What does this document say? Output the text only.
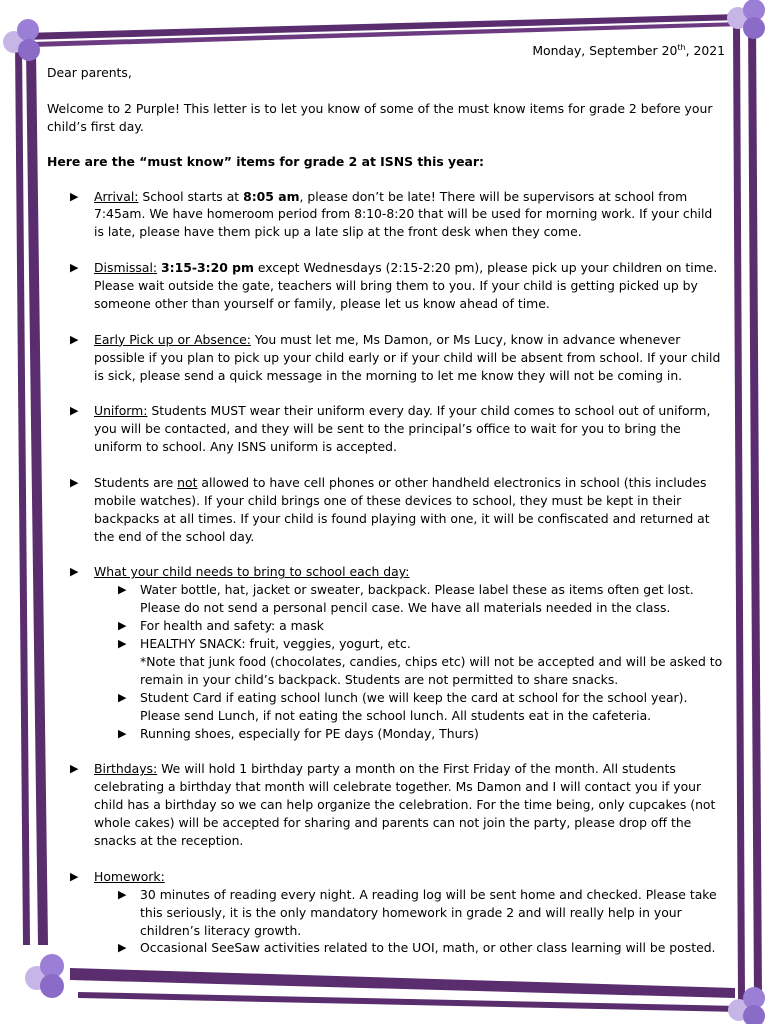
Monday, September 20th, 2021

Dear parents,

Welcome to 2 Purple! This letter is to let you know of some of the must know items for grade 2 before your child’s first day.

Here are the “must know” items for grade 2 at ISNS this year:

▶ Arrival: School starts at 8:05 am, please don’t be late! There will be supervisors at school from 7:45am. We have homeroom period from 8:10-8:20 that will be used for morning work. If your child is late, please have them pick up a late slip at the front desk when they come.
▶ Dismissal: 3:15-3:20 pm except Wednesdays (2:15-2:20 pm), please pick up your children on time. Please wait outside the gate, teachers will bring them to you. If your child is getting picked up by someone other than yourself or family, please let us know ahead of time.
▶ Early Pick up or Absence: You must let me, Ms Damon, or Ms Lucy, know in advance whenever possible if you plan to pick up your child early or if your child will be absent from school. If your child is sick, please send a quick message in the morning to let me know they will not be coming in.
▶ Uniform: Students MUST wear their uniform every day. If your child comes to school out of uniform, you will be contacted, and they will be sent to the principal’s office to wait for you to bring the uniform to school. Any ISNS uniform is accepted.
▶ Students are not allowed to have cell phones or other handheld electronics in school (this includes mobile watches). If your child brings one of these devices to school, they must be kept in their backpacks at all times. If your child is found playing with one, it will be confiscated and returned at the end of the school day.
▶ What your child needs to bring to school each day:
▶ Water bottle, hat, jacket or sweater, backpack. Please label these as items often get lost. Please do not send a personal pencil case. We have all materials needed in the class.
▶ For health and safety: a mask
▶ HEALTHY SNACK: fruit, veggies, yogurt, etc.
*Note that junk food (chocolates, candies, chips etc) will not be accepted and will be asked to remain in your child’s backpack. Students are not permitted to share snacks.
▶ Student Card if eating school lunch (we will keep the card at school for the school year). Please send Lunch, if not eating the school lunch. All students eat in the cafeteria.
▶ Running shoes, especially for PE days (Monday, Thurs)
▶ Birthdays: We will hold 1 birthday party a month on the First Friday of the month. All students celebrating a birthday that month will celebrate together. Ms Damon and I will contact you if your child has a birthday so we can help organize the celebration. For the time being, only cupcakes (not whole cakes) will be accepted for sharing and parents can not join the party, please drop off the snacks at the reception.
▶ Homework:
▶ 30 minutes of reading every night. A reading log will be sent home and checked. Please take this seriously, it is the only mandatory homework in grade 2 and will really help in your children’s literacy growth.
▶ Occasional SeeSaw activities related to the UOI, math, or other class learning will be posted.
